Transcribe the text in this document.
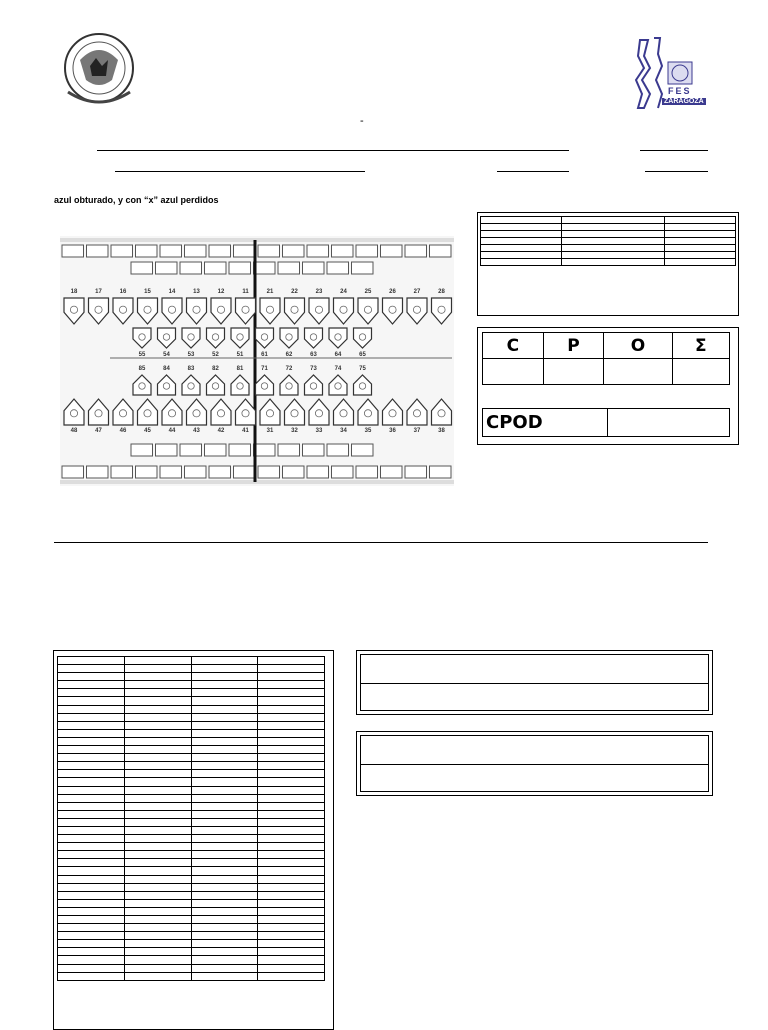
FES
ZARAGOZA
-
azul obturado, y con “x” azul perdidos
18	17	16	15	14	13	12	11	21	22	23	24	25	26	27	28
55	54	53	52	51	61	62	63	64	65
85	84	83	82	81	71	72	73	74	75
48	47	46	45	44	43	42	41	31	32	33	34	35	36	37	38

C	P	O	Σ

CPOD	
